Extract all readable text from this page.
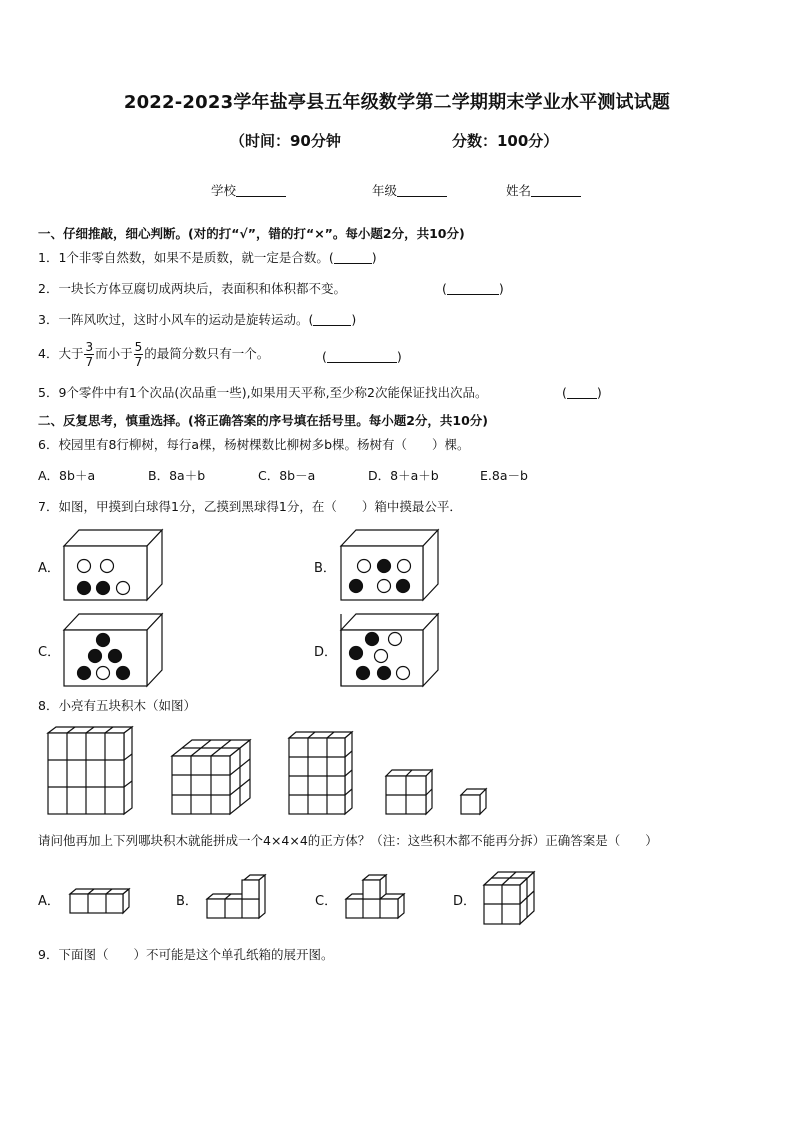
2022-2023学年盐亭县五年级数学第二学期期末学业水平测试试题
（时间：90分钟	分数：100分）
学校	年级	姓名
一、仔细推敲，细心判断。(对的打“√”，错的打“×”。每小题2分，共10分)
1．1个非零自然数，如果不是质数，就一定是合数。(	)
2．一块长方体豆腐切成两块后，表面积和体积都不变。	(	)
3．一阵风吹过，这时小风车的运动是旋转运动。(	)
4．大于 $\frac{3}{7}$ 而小于 $\frac{5}{7}$ 的最简分数只有一个。	(	)
5．9个零件中有1个次品(次品重一些),如果用天平称,至少称2次能保证找出次品。	( )
二、反复思考，慎重选择。(将正确答案的序号填在括号里。每小题2分，共10分)
6．校园里有8行柳树，每行a棵，杨树棵数比柳树多b棵。杨树有（　　）棵。
A．8b＋a	B．8a＋b	C．8b－a	D．8＋a＋b	E.8a－b
7．如图，甲摸到白球得1分，乙摸到黑球得1分，在（　　）箱中摸最公平．
A．	B．
C．	D．
8．小亮有五块积木（如图）
请问他再加上下列哪块积木就能拼成一个4×4×4的正方体？（注：这些积木都不能再分拆）正确答案是（　　）
A．	B．	C．	D．
9．下面图（　　）不可能是这个单孔纸箱的展开图。
